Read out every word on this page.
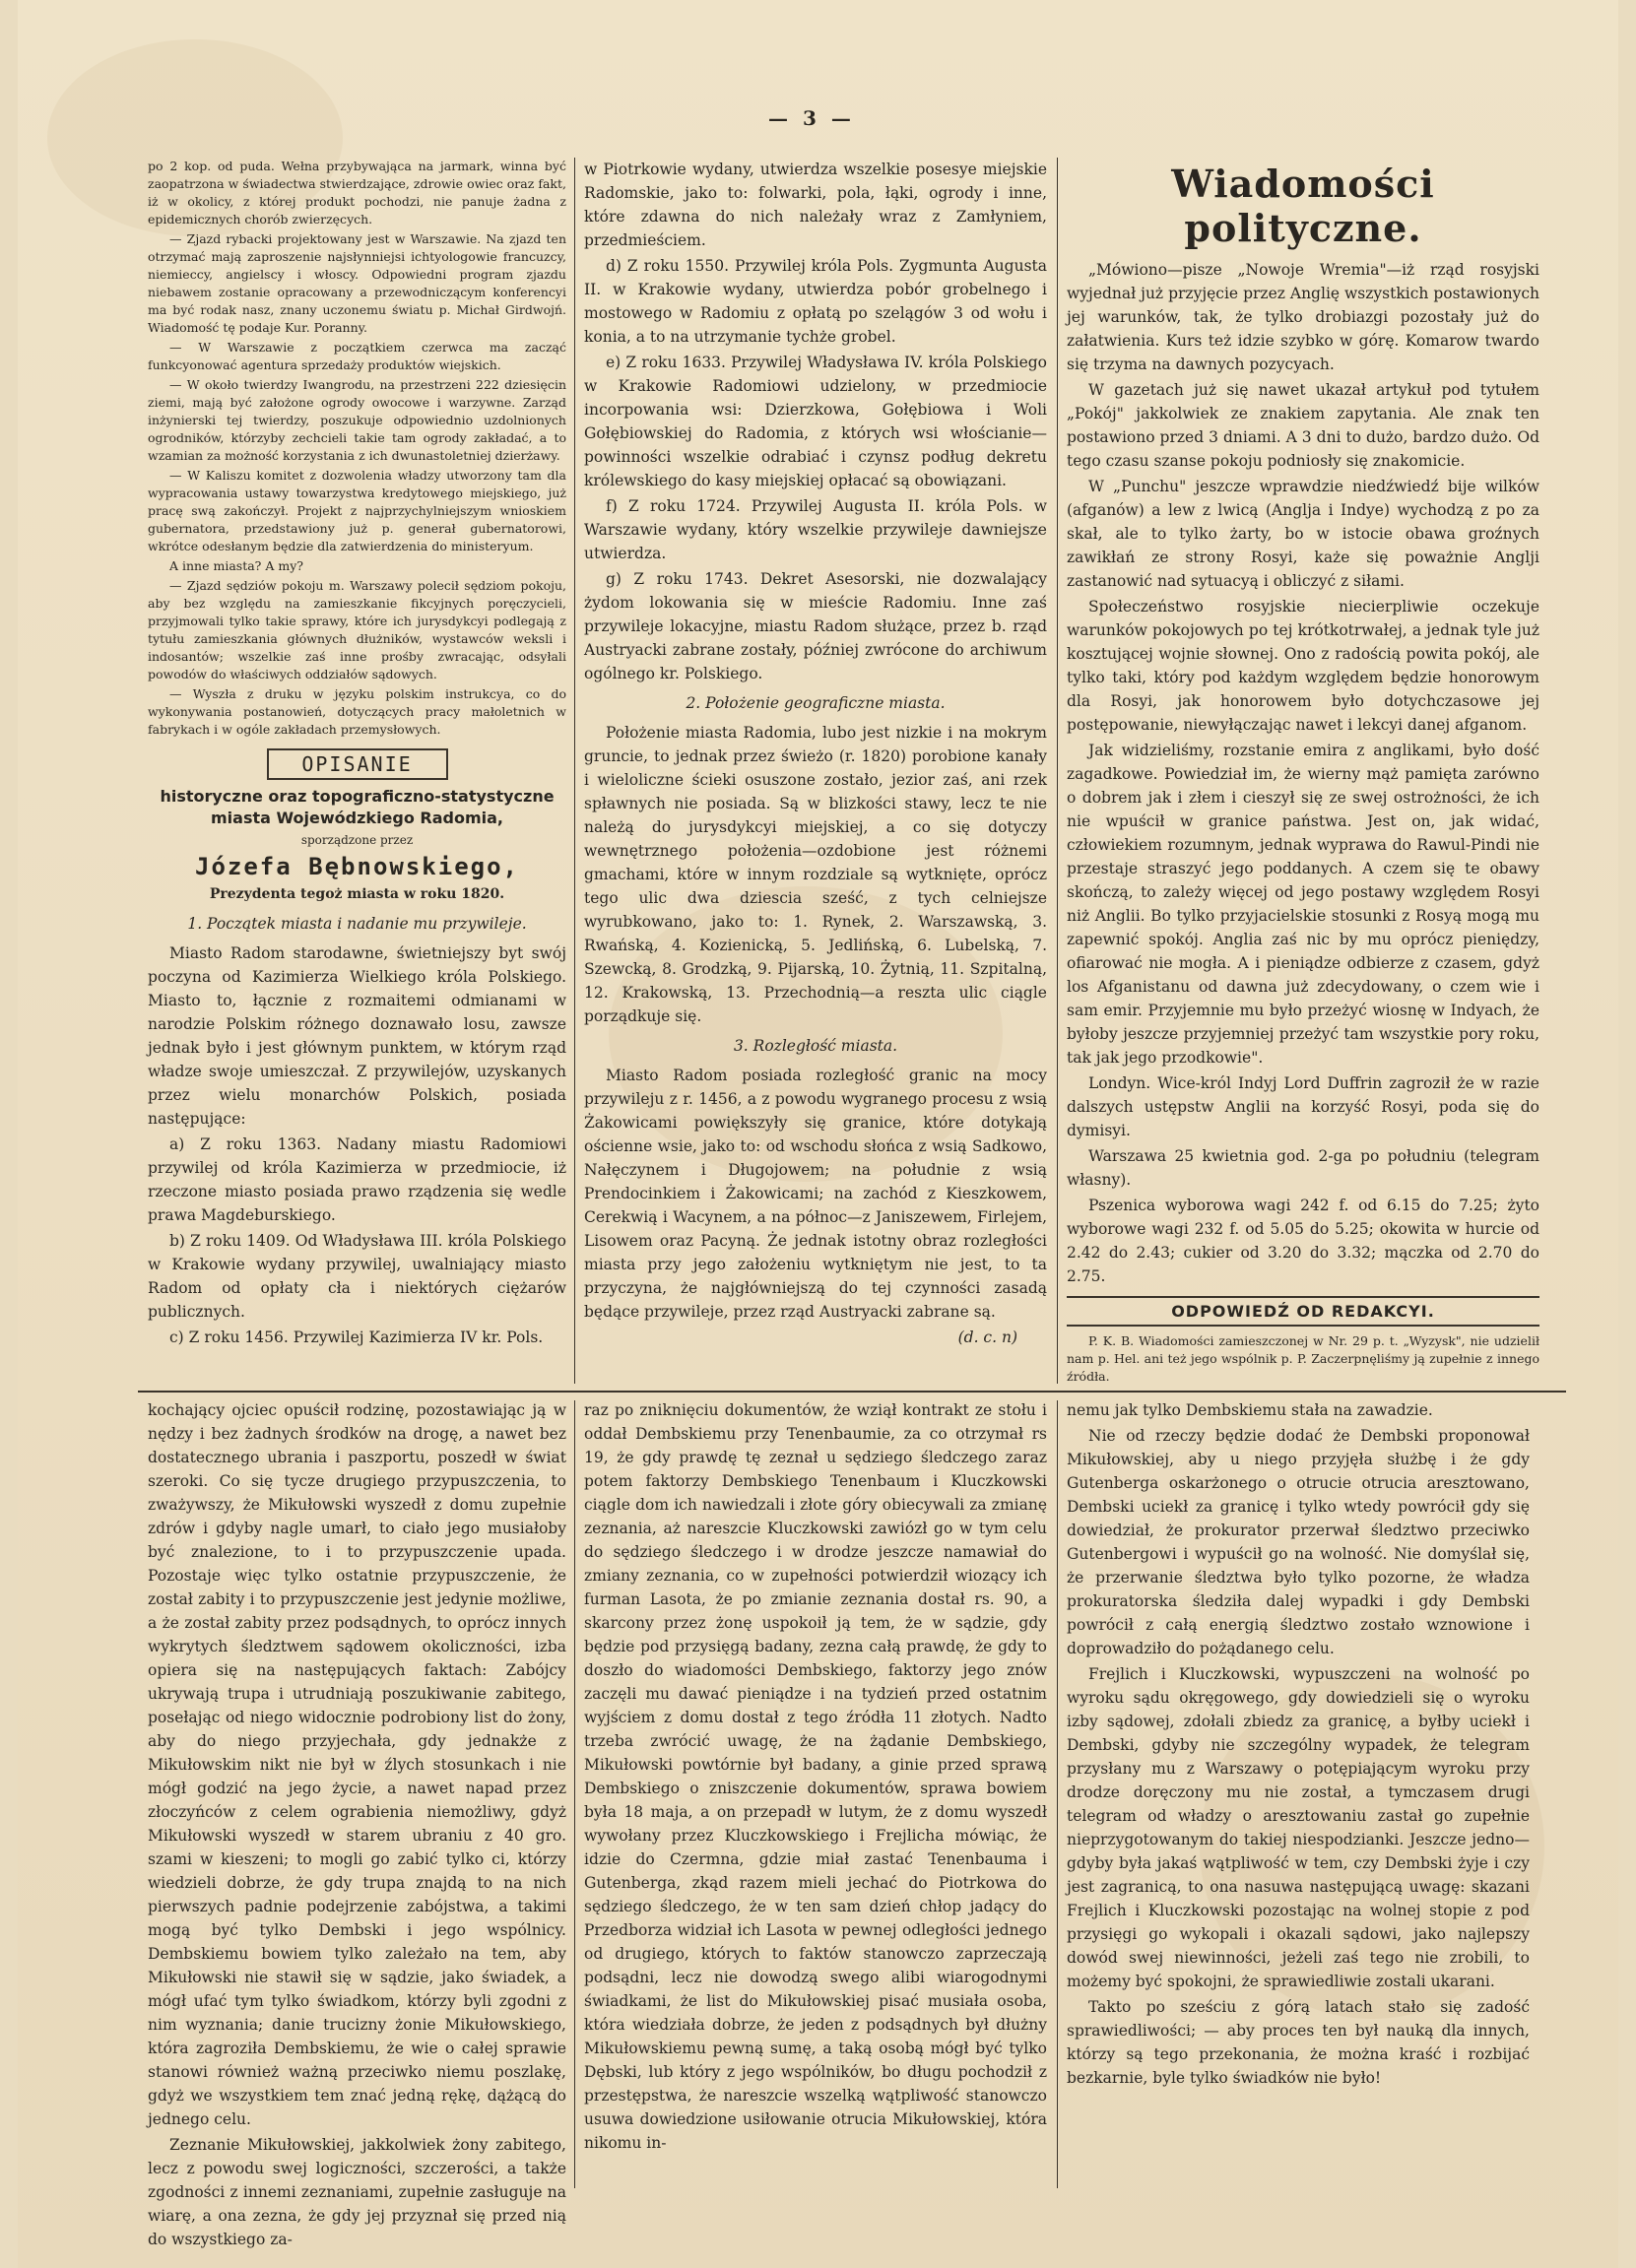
— 3 —

po 2 kop. od puda. Wełna przybywająca na jarmark, winna być zaopatrzona w świadectwa stwierdzające, zdrowie owiec oraz fakt, iż w okolicy, z której produkt pochodzi, nie panuje żadna z epidemicznych chorób zwierzęcych.

— Zjazd rybacki projektowany jest w Warszawie. Na zjazd ten otrzymać mają zaproszenie najsłynniejsi ichtyologowie francuzcy, niemieccy, angielscy i włoscy. Odpowiedni program zjazdu niebawem zostanie opracowany a przewodniczącym konferencyi ma być rodak nasz, znany uczonemu światu p. Michał Girdwojń. Wiadomość tę podaje Kur. Poranny.

— W Warszawie z początkiem czerwca ma zacząć funkcyonować agentura sprzedaży produktów wiejskich.

— W około twierdzy Iwangrodu, na przestrzeni 222 dziesięcin ziemi, mają być założone ogrody owocowe i warzywne. Zarząd inżynierski tej twierdzy, poszukuje odpowiednio uzdolnionych ogrodników, którzyby zechcieli takie tam ogrody zakładać, a to wzamian za możność korzystania z ich dwunastoletniej dzierżawy.

— W Kaliszu komitet z dozwolenia władzy utworzony tam dla wypracowania ustawy towarzystwa kredytowego miejskiego, już pracę swą zakończył. Projekt z najprzychylniejszym wnioskiem gubernatora, przedstawiony już p. generał gubernatorowi, wkrótce odesłanym będzie dla zatwierdzenia do ministeryum.

A inne miasta? A my?

— Zjazd sędziów pokoju m. Warszawy polecił sędziom pokoju, aby bez względu na zamieszkanie fikcyjnych poręczycieli, przyjmowali tylko takie sprawy, które ich jurysdykcyi podlegają z tytułu zamieszkania głównych dłużników, wystawców weksli i indosantów; wszelkie zaś inne prośby zwracając, odsyłali powodów do właściwych oddziałów sądowych.

— Wyszła z druku w języku polskim instrukcya, co do wykonywania postanowień, dotyczących pracy małoletnich w fabrykach i w ogóle zakładach przemysłowych.

OPISANIE
historyczne oraz topograficzno-statystyczne miasta Wojewódzkiego Radomia,
sporządzone przez
Józefa Bębnowskiego,
Prezydenta tegoż miasta w roku 1820.
1. Początek miasta i nadanie mu przywileje.

Miasto Radom starodawne, świetniejszy byt swój poczyna od Kazimierza Wielkiego króla Polskiego. Miasto to, łącznie z rozmaitemi odmianami w narodzie Polskim różnego doznawało losu, zawsze jednak było i jest głównym punktem, w którym rząd władze swoje umieszczał. Z przywilejów, uzyskanych przez wielu monarchów Polskich, posiada następujące:

a) Z roku 1363. Nadany miastu Radomiowi przywilej od króla Kazimierza w przedmiocie, iż rzeczone miasto posiada prawo rządzenia się wedle prawa Magdeburskiego.

b) Z roku 1409. Od Władysława III. króla Polskiego w Krakowie wydany przywilej, uwalniający miasto Radom od opłaty cła i niektórych ciężarów publicznych.

c) Z roku 1456. Przywilej Kazimierza IV kr. Pols.

w Piotrkowie wydany, utwierdza wszelkie posesye miejskie Radomskie, jako to: folwarki, pola, łąki, ogrody i inne, które zdawna do nich należały wraz z Zamłyniem, przedmieściem.

d) Z roku 1550. Przywilej króla Pols. Zygmunta Augusta II. w Krakowie wydany, utwierdza pobór grobelnego i mostowego w Radomiu z opłatą po szelągów 3 od wołu i konia, a to na utrzymanie tychże grobel.

e) Z roku 1633. Przywilej Władysława IV. króla Polskiego w Krakowie Radomiowi udzielony, w przedmiocie incorpowania wsi: Dzierzkowa, Gołębiowa i Woli Gołębiowskiej do Radomia, z których wsi włościanie—powinności wszelkie odrabiać i czynsz podług dekretu królewskiego do kasy miejskiej opłacać są obowiązani.

f) Z roku 1724. Przywilej Augusta II. króla Pols. w Warszawie wydany, który wszelkie przywileje dawniejsze utwierdza.

g) Z roku 1743. Dekret Asesorski, nie dozwalający żydom lokowania się w mieście Radomiu. Inne zaś przywileje lokacyjne, miastu Radom służące, przez b. rząd Austryacki zabrane zostały, później zwrócone do archiwum ogólnego kr. Polskiego.

2. Położenie geograficzne miasta.

Położenie miasta Radomia, lubo jest nizkie i na mokrym gruncie, to jednak przez świeżo (r. 1820) porobione kanały i wieloliczne ścieki osuszone zostało, jezior zaś, ani rzek spławnych nie posiada. Są w blizkości stawy, lecz te nie należą do jurysdykcyi miejskiej, a co się dotyczy wewnętrznego położenia—ozdobione jest różnemi gmachami, które w innym rozdziale są wytknięte, oprócz tego ulic dwa dziescia sześć, z tych celniejsze wyrubkowano, jako to: 1. Rynek, 2. Warszawską, 3. Rwańską, 4. Kozienicką, 5. Jedlińską, 6. Lubelską, 7. Szewcką, 8. Grodzką, 9. Pijarską, 10. Żytnią, 11. Szpitalną, 12. Krakowską, 13. Przechodnią—a reszta ulic ciągle porządkuje się.

3. Rozległość miasta.

Miasto Radom posiada rozległość granic na mocy przywileju z r. 1456, a z powodu wygranego procesu z wsią Żakowicami powiększyły się granice, które dotykają ościenne wsie, jako to: od wschodu słońca z wsią Sadkowo, Nałęczynem i Długojowem; na południe z wsią Prendocinkiem i Żakowicami; na zachód z Kieszkowem, Cerekwią i Wacynem, a na północ—z Janiszewem, Firlejem, Lisowem oraz Pacyną. Że jednak istotny obraz rozległości miasta przy jego założeniu wytkniętym nie jest, to ta przyczyna, że najgłówniejszą do tej czynności zasadą będące przywileje, przez rząd Austryacki zabrane są.

(d. c. n)
Wiadomości polityczne.

„Mówiono—pisze „Nowoje Wremia"—iż rząd rosyjski wyjednał już przyjęcie przez Anglię wszystkich postawionych jej warunków, tak, że tylko drobiazgi pozostały już do załatwienia. Kurs też idzie szybko w górę. Komarow twardo się trzyma na dawnych pozycyach.

W gazetach już się nawet ukazał artykuł pod tytułem „Pokój" jakkolwiek ze znakiem zapytania. Ale znak ten postawiono przed 3 dniami. A 3 dni to dużo, bardzo dużo. Od tego czasu szanse pokoju podniosły się znakomicie.

W „Punchu" jeszcze wprawdzie niedźwiedź bije wilków (afganów) a lew z lwicą (Anglja i Indye) wychodzą z po za skał, ale to tylko żarty, bo w istocie obawa groźnych zawikłań ze strony Rosyi, każe się poważnie Anglji zastanowić nad sytuacyą i obliczyć z siłami.

Społeczeństwo rosyjskie niecierpliwie oczekuje warunków pokojowych po tej krótkotrwałej, a jednak tyle już kosztującej wojnie słownej. Ono z radością powita pokój, ale tylko taki, który pod każdym względem będzie honorowym dla Rosyi, jak honorowem było dotychczasowe jej postępowanie, niewyłączając nawet i lekcyi danej afganom.

Jak widzieliśmy, rozstanie emira z anglikami, było dość zagadkowe. Powiedział im, że wierny mąż pamięta zarówno o dobrem jak i złem i cieszył się ze swej ostrożności, że ich nie wpuścił w granice państwa. Jest on, jak widać, człowiekiem rozumnym, jednak wyprawa do Rawul-Pindi nie przestaje straszyć jego poddanych. A czem się te obawy skończą, to zależy więcej od jego postawy względem Rosyi niż Anglii. Bo tylko przyjacielskie stosunki z Rosyą mogą mu zapewnić spokój. Anglia zaś nic by mu oprócz pieniędzy, ofiarować nie mogła. A i pieniądze odbierze z czasem, gdyż los Afganistanu od dawna już zdecydowany, o czem wie i sam emir. Przyjemnie mu było przeżyć wiosnę w Indyach, że byłoby jeszcze przyjemniej przeżyć tam wszystkie pory roku, tak jak jego przodkowie".

Londyn. Wice-król Indyj Lord Duffrin zagroził że w razie dalszych ustępstw Anglii na korzyść Rosyi, poda się do dymisyi.

Warszawa 25 kwietnia god. 2-ga po południu (telegram własny).

Pszenica wyborowa wagi 242 f. od 6.15 do 7.25; żyto wyborowe wagi 232 f. od 5.05 do 5.25; okowita w hurcie od 2.42 do 2.43; cukier od 3.20 do 3.32; mączka od 2.70 do 2.75.

ODPOWIEDŹ OD REDAKCYI.

P. K. B. Wiadomości zamieszczonej w Nr. 29 p. t. „Wyzysk", nie udzielił nam p. Hel. ani też jego wspólnik p. P. Zaczerpnęliśmy ją zupełnie z innego źródła.

kochający ojciec opuścił rodzinę, pozostawiając ją w nędzy i bez żadnych środków na drogę, a nawet bez dostatecznego ubrania i paszportu, poszedł w świat szeroki. Co się tycze drugiego przypuszczenia, to zważywszy, że Mikułowski wyszedł z domu zupełnie zdrów i gdyby nagle umarł, to ciało jego musiałoby być znalezione, to i to przypuszczenie upada. Pozostaje więc tylko ostatnie przypuszczenie, że został zabity i to przypuszczenie jest jedynie możliwe, a że został zabity przez podsądnych, to oprócz innych wykrytych śledztwem sądowem okoliczności, izba opiera się na następujących faktach: Zabójcy ukrywają trupa i utrudniają poszukiwanie zabitego, posełając od niego widocznie podrobiony list do żony, aby do niego przyjechała, gdy jednakże z Mikułowskim nikt nie był w źlych stosunkach i nie mógł godzić na jego życie, a nawet napad przez złoczyńców z celem ograbienia niemożliwy, gdyż Mikułowski wyszedł w starem ubraniu z 40 gro. szami w kieszeni; to mogli go zabić tylko ci, którzy wiedzieli dobrze, że gdy trupa znajdą to na nich pierwszych padnie podejrzenie zabójstwa, a takimi mogą być tylko Dembski i jego wspólnicy. Dembskiemu bowiem tylko zależało na tem, aby Mikułowski nie stawił się w sądzie, jako świadek, a mógł ufać tym tylko świadkom, którzy byli zgodni z nim wyznania; danie trucizny żonie Mikułowskiego, która zagroziła Dembskiemu, że wie o całej sprawie stanowi również ważną przeciwko niemu poszlakę, gdyż we wszystkiem tem znać jedną rękę, dążącą do jednego celu.

Zeznanie Mikułowskiej, jakkolwiek żony zabitego, lecz z powodu swej logiczności, szczerości, a także zgodności z innemi zeznaniami, zupełnie zasługuje na wiarę, a ona zezna, że gdy jej przyznał się przed nią do wszystkiego za-

raz po zniknięciu dokumentów, że wziął kontrakt ze stołu i oddał Dembskiemu przy Tenenbaumie, za co otrzymał rs 19, że gdy prawdę tę zeznał u sędziego śledczego zaraz potem faktorzy Dembskiego Tenenbaum i Kluczkowski ciągle dom ich nawiedzali i złote góry obiecywali za zmianę zeznania, aż nareszcie Kluczkowski zawiózł go w tym celu do sędziego śledczego i w drodze jeszcze namawiał do zmiany zeznania, co w zupełności potwierdził wiozący ich furman Lasota, że po zmianie zeznania dostał rs. 90, a skarcony przez żonę uspokoił ją tem, że w sądzie, gdy będzie pod przysięgą badany, zezna całą prawdę, że gdy to doszło do wiadomości Dembskiego, faktorzy jego znów zaczęli mu dawać pieniądze i na tydzień przed ostatnim wyjściem z domu dostał z tego źródła 11 złotych. Nadto trzeba zwrócić uwagę, że na żądanie Dembskiego, Mikułowski powtórnie był badany, a ginie przed sprawą Dembskiego o zniszczenie dokumentów, sprawa bowiem była 18 maja, a on przepadł w lutym, że z domu wyszedł wywołany przez Kluczkowskiego i Frejlicha mówiąc, że idzie do Czermna, gdzie miał zastać Tenenbauma i Gutenberga, zkąd razem mieli jechać do Piotrkowa do sędziego śledczego, że w ten sam dzień chłop jadący do Przedborza widział ich Lasota w pewnej odległości jednego od drugiego, których to faktów stanowczo zaprzeczają podsądni, lecz nie dowodzą swego alibi wiarogodnymi świadkami, że list do Mikułowskiej pisać musiała osoba, która wiedziała dobrze, że jeden z podsądnych był dłużny Mikułowskiemu pewną sumę, a taką osobą mógł być tylko Dębski, lub który z jego wspólników, bo długu pochodził z przestępstwa, że nareszcie wszelką wątpliwość stanowczo usuwa dowiedzione usiłowanie otrucia Mikułowskiej, która nikomu in-

nemu jak tylko Dembskiemu stała na zawadzie.

Nie od rzeczy będzie dodać że Dembski proponował Mikułowskiej, aby u niego przyjęła służbę i że gdy Gutenberga oskarżonego o otrucie otrucia aresztowano, Dembski uciekł za granicę i tylko wtedy powrócił gdy się dowiedział, że prokurator przerwał śledztwo przeciwko Gutenbergowi i wypuścił go na wolność. Nie domyślał się, że przerwanie śledztwa było tylko pozorne, że władza prokuratorska śledziła dalej wypadki i gdy Dembski powrócił z całą energią śledztwo zostało wznowione i doprowadziło do pożądanego celu.

Frejlich i Kluczkowski, wypuszczeni na wolność po wyroku sądu okręgowego, gdy dowiedzieli się o wyroku izby sądowej, zdołali zbiedz za granicę, a byłby uciekł i Dembski, gdyby nie szczególny wypadek, że telegram przysłany mu z Warszawy o potępiającym wyroku przy drodze doręczony mu nie został, a tymczasem drugi telegram od władzy o aresztowaniu zastał go zupełnie nieprzygotowanym do takiej niespodzianki. Jeszcze jedno—gdyby była jakaś wątpliwość w tem, czy Dembski żyje i czy jest zagranicą, to ona nasuwa następującą uwagę: skazani Frejlich i Kluczkowski pozostając na wolnej stopie z pod przysięgi go wykopali i okazali sądowi, jako najlepszy dowód swej niewinności, jeżeli zaś tego nie zrobili, to możemy być spokojni, że sprawiedliwie zostali ukarani.

Takto po sześciu z górą latach stało się zadość sprawiedliwości; — aby proces ten był nauką dla innych, którzy są tego przekonania, że można kraść i rozbijać bezkarnie, byle tylko świadków nie było!
